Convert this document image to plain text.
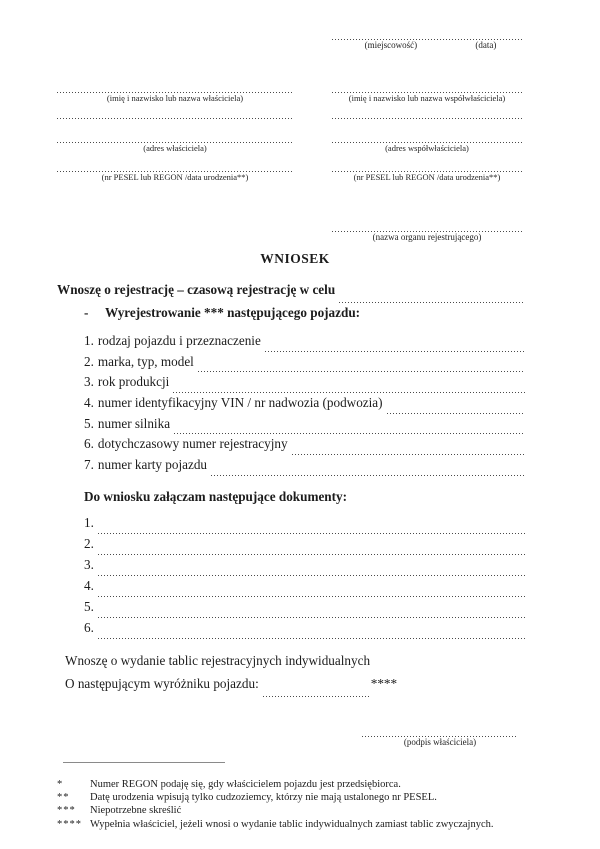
(miejscowość)	(data)
(imię i nazwisko lub nazwa właściciela)
(adres właściciela)
(nr PESEL lub REGON /data urodzenia**)
(imię i nazwisko lub nazwa współwłaściciela)
(adres współwłaściciela)
(nr PESEL lub REGON /data urodzenia**)
(nazwa organu rejestrującego)
WNIOSEK
Wnoszę o rejestrację – czasową rejestrację w celu
-	Wyrejestrowanie *** następującego pojazdu:
1. rodzaj pojazdu i przeznaczenie
2. marka, typ, model
3. rok produkcji
4. numer identyfikacyjny VIN / nr nadwozia (podwozia)
5. numer silnika
6. dotychczasowy numer rejestracyjny
7. numer karty pojazdu
Do wniosku załączam następujące dokumenty:
1.
2.
3.
4.
5.
6.
Wnoszę o wydanie tablic rejestracyjnych indywidualnych
O następującym wyróżniku pojazdu:	****
(podpis właściciela)
*	Numer REGON podaję się, gdy właścicielem pojazdu jest przedsiębiorca.
**	Datę urodzenia wpisują tylko cudzoziemcy, którzy nie mają ustalonego nr PESEL.
***	Niepotrzebne skreślić
**** Wypełnia właściciel, jeżeli wnosi o wydanie tablic indywidualnych zamiast tablic zwyczajnych.
